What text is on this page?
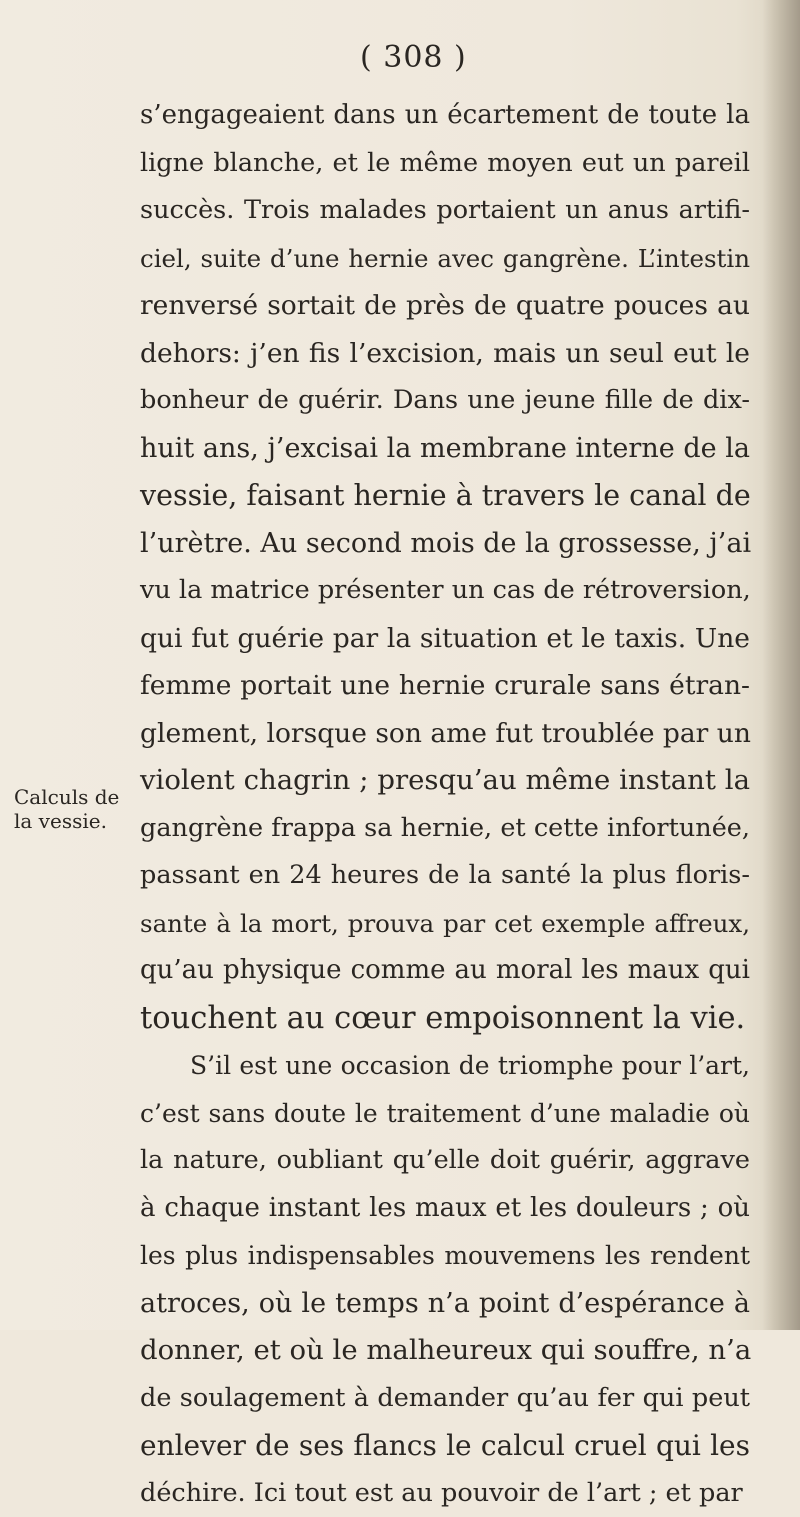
( 308 )
Calculs de
la vessie.
s’engageaient dans un écartement de toute la
ligne blanche, et le même moyen eut un pareil
succès. Trois malades portaient un anus artifi-
ciel, suite d’une hernie avec gangrène. L’intestin
renversé sortait de près de quatre pouces au
dehors: j’en fis l’excision, mais un seul eut le
bonheur de guérir. Dans une jeune fille de dix-
huit ans, j’excisai la membrane interne de la
vessie, faisant hernie à travers le canal de
l’urètre. Au second mois de la grossesse, j’ai
vu la matrice présenter un cas de rétroversion,
qui fut guérie par la situation et le taxis. Une
femme portait une hernie crurale sans étran-
glement, lorsque son ame fut troublée par un
violent chagrin ; presqu’au même instant la
gangrène frappa sa hernie, et cette infortunée,
passant en 24 heures de la santé la plus floris-
sante à la mort, prouva par cet exemple affreux,
qu’au physique comme au moral les maux qui
touchent au cœur empoisonnent la vie.
S’il est une occasion de triomphe pour l’art,
c’est sans doute le traitement d’une maladie où
la nature, oubliant qu’elle doit guérir, aggrave
à chaque instant les maux et les douleurs ; où
les plus indispensables mouvemens les rendent
atroces, où le temps n’a point d’espérance à
donner, et où le malheureux qui souffre, n’a
de soulagement à demander qu’au fer qui peut
enlever de ses flancs le calcul cruel qui les
déchire. Ici tout est au pouvoir de l’art ; et par
